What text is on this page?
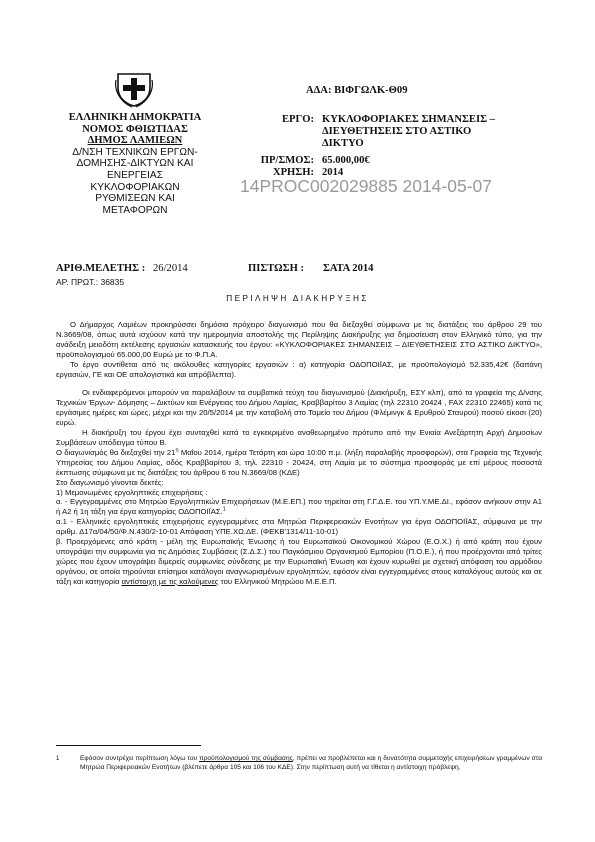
ΕΛΛΗΝΙΚΗ ΔΗΜΟΚΡΑΤΙΑ
ΝΟΜΟΣ ΦΘΙΩΤΙΔΑΣ
ΔΗΜΟΣ ΛΑΜΙΕΩΝ
Δ/ΝΣΗ ΤΕΧΝΙΚΩΝ ΕΡΓΩΝ-
ΔΟΜΗΣΗΣ-ΔΙΚΤΥΩΝ ΚΑΙ
ΕΝΕΡΓΕΙΑΣ
ΚΥΚΛΟΦΟΡΙΑΚΩΝ
ΡΥΘΜΙΣΕΩΝ ΚΑΙ
ΜΕΤΑΦΟΡΩΝ
ΑΔΑ: ΒΙΦΓΩΛΚ-Θ09
ΕΡΓΟ: ΚΥΚΛΟΦΟΡΙΑΚΕΣ ΣΗΜΑΝΣΕΙΣ –
ΔΙΕΥΘΕΤΗΣΕΙΣ ΣΤΟ ΑΣΤΙΚΟ
ΔΙΚΤΥΟ
ΠΡ/ΣΜΟΣ: 65.000,00€
ΧΡΗΣΗ: 2014
14PROC002029885 2014-05-07
ΑΡΙΘ.ΜΕΛΕΤΗΣ : 26/2014	ΠΙΣΤΩΣΗ : ΣΑΤΑ 2014
ΑΡ. ΠΡΩΤ.: 36835
ΠΕΡΙΛΗΨΗ ΔΙΑΚΗΡΥΞΗΣ

Ο Δήμαρχος Λαμιέων προκηρύσσει δημόσια πρόχειρο διαγωνισμό που θα διεξαχθεί σύμφωνα με τις διατάξεις του άρθρου 29 του Ν.3669/08, όπως αυτά ισχύουν κατά την ημερομηνία αποστολής της Περίληψης Διακήρυξης για δημοσίευση στον Ελληνικό τύπο, για την ανάδειξη μειοδότη εκτέλεσης εργασιών κατασκευής του έργου: «ΚΥΚΛΟΦΟΡΙΑΚΕΣ ΣΗΜΑΝΣΕΙΣ – ΔΙΕΥΘΕΤΗΣΕΙΣ ΣΤΟ ΑΣΤΙΚΟ ΔΙΚΤΥΟ», προϋπολογισμού 65.000,00 Ευρώ με το Φ.Π.Α.

Το έργο συντίθεται από τις ακόλουθες κατηγορίες εργασιών : α) κατηγορία ΟΔΟΠΟΙΪΑΣ, με προϋπολογισμό 52.335,42€ (δαπάνη εργασιών, ΓΕ και ΟΕ απολογιστικά και απρόβλεπτα).

Οι ενδιαφερόμενοι μπορούν να παραλάβουν τα συμβατικά τεύχη του διαγωνισμού (Διακήρυξη, ΕΣΥ κλπ), από τα γραφεία της Δ/νσης Τεχνικών Έργων- Δόμησης – Δικτύων και Ενέργειας του Δήμου Λαμίας, Κραββαρίτου 3 Λαμίας (τηλ 22310 20424 , FAX 22310 22465) κατά τις εργάσιμες ημέρες και ώρες, μέχρι και την 20/5/2014 με την καταβολή στο Ταμείο του Δήμου (Φλέμινγκ & Ερυθρού Σταυρού) ποσού είκοσι (20) ευρώ.

Η διακήρυξη του έργου έχει συνταχθεί κατά το εγκεκριμένο αναθεωρημένο πρότυπο από την Ενιαία Ανεξάρτητη Αρχή Δημοσίων Συμβάσεων υπόδειγμα τύπου Β.

Ο διαγωνισμός θα διεξαχθεί την $21^\eta$ Μαΐου 2014, ημέρα Τετάρτη και ώρα 10:00 π.μ. (λήξη παραλαβής προσφορών), στα Γραφεία της Τεχνικής Υπηρεσίας του Δήμου Λαμίας, οδός Κραββαρίτου 3, τηλ. 22310 - 20424, στη Λαμία με το σύστημα προσφοράς με επί μέρους ποσοστά έκπτωσης σύμφωνα με τις διατάξεις του άρθρου 6 του Ν.3669/08 (ΚΔΕ)

Στο διαγωνισμό γίνονται δεκτές:

1) Μεμονωμένες εργοληπτικές επιχειρήσεις :

α. - Εγγεγραμμένες στο Μητρώο Εργοληπτικών Επιχειρήσεων (Μ.Ε.ΕΠ.) που τηρείται στη Γ.Γ.Δ.Ε. του ΥΠ.Υ.ΜΕ.ΔΙ., εφόσον ανήκουν στην Α1 ή Α2 ή 1η τάξη για έργα κατηγορίας ΟΔΟΠΟΙΪΑΣ.$^1$

α.1 - Ελληνικές εργοληπτικές επιχειρήσεις εγγεγραμμένες στα Μητρώα Περιφερειακών Ενοτήτων για έργα ΟΔΟΠΟΙΪΑΣ, σύμφωνα με την αριθμ. Δ17α/04/50/Φ.Ν.430/2-10-01 Απόφαση ΥΠΕ.ΧΩ.ΔΕ. (ΦΕΚΒ'1314/11-10-01)

β. Προερχόμενες από κράτη - μέλη της Ευρωπαϊκής Ένωσης ή του Ευρωπαϊκού Οικονομικού Χώρου (Ε.Ο.Χ.) ή από κράτη που έχουν υπογράψει την συμφωνία για τις Δημόσιες Συμβάσεις (Σ.Δ.Σ.) του Παγκόσμιου Οργανισμού Εμπορίου (Π.Ο.Ε.), ή που προέρχονται από τρίτες χώρες που έχουν υπογράψει διμερείς συμφωνίες σύνδεσης με την Ευρωπαϊκή Ένωση και έχουν κυρωθεί με σχετική απόφαση του αρμόδιου οργάνου, σε οποία τηρούνται επίσημοι κατάλογοι αναγνωρισμένων εργοληπτών, εφόσον είναι εγγεγραμμένες στους καταλόγους αυτούς και σε τάξη και κατηγορία αντίστοιχη με τις καλούμενες του Ελληνικού Μητρώου Μ.Ε.Ε.Π.

1	Εφόσον συντρέχει περίπτωση λόγω του προϋπολογισμού της σύμβασης, πρέπει να προβλέπεται και η δυνατότητα συμμετοχής επιχειρήσεων γραμμένων στα Μητρώα Περιφερειακών Ενοτήτων (βλέπετε άρθρα 105 και 106 του ΚΔΕ). Στην περίπτωση αυτή να τίθεται η αντίστοιχη πρόβλεψη.
